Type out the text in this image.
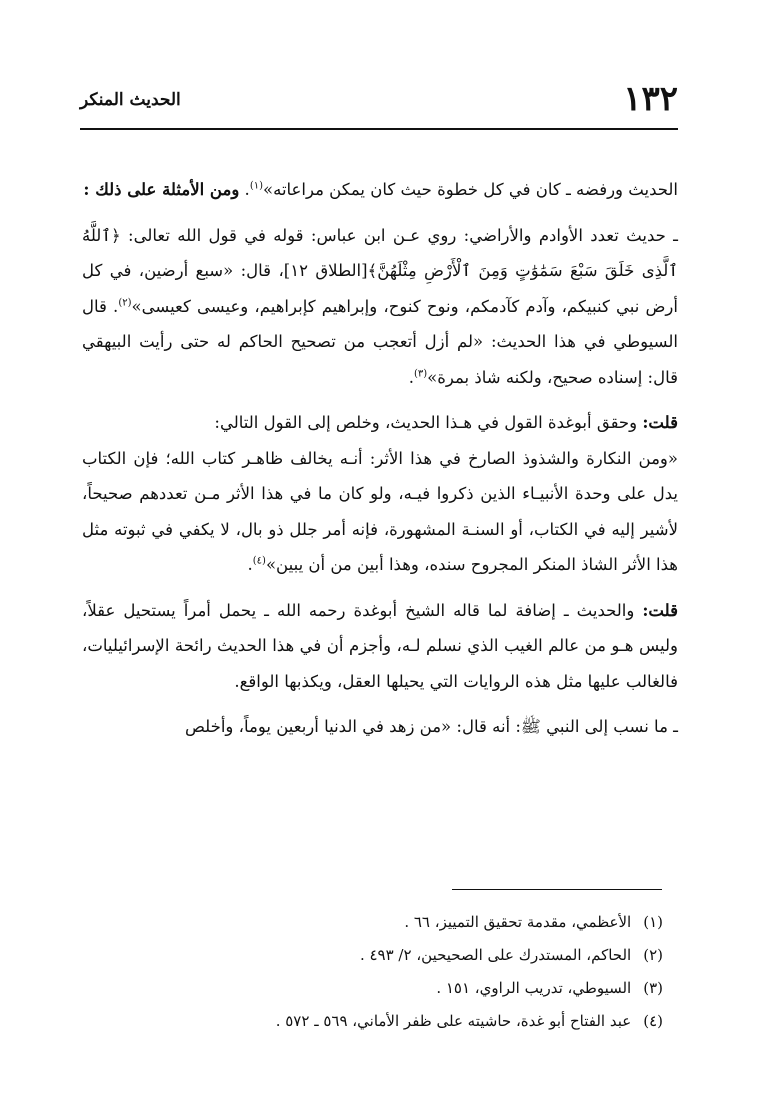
١٣٢
الحديث المنكر

الحديث ورفضه ـ كان في كل خطوة حيث كان يمكن مراعاته»$^{(١)}$. ومن الأمثلة على ذلك :

ـ حديث تعدد الأوادم والأراضي: روي عـن ابن عباس: قوله في قول الله تعالى: ﴿ٱللَّهُ ٱلَّذِى خَلَقَ سَبْعَ سَمَٰوَٰتٍ وَمِنَ ٱلْأَرْضِ مِثْلَهُنَّ﴾[الطلاق ١٢]، قال: «سبع أرضين، في كل أرض نبي كنبيكم، وآدم كآدمكم، ونوح كنوح، وإبراهيم كإبراهيم، وعيسى كعيسى»$^{(٢)}$. قال السيوطي في هذا الحديث: «لم أزل أتعجب من تصحيح الحاكم له حتى رأيت البيهقي قال: إسناده صحيح، ولكنه شاذ بمرة»$^{(٣)}$.

قلت: وحقق أبوغدة القول في هـذا الحديث، وخلص إلى القول التالي:
«ومن النكارة والشذوذ الصارخ في هذا الأثر: أنـه يخالف ظاهـر كتاب الله؛ فإن الكتاب يدل على وحدة الأنبيـاء الذين ذكروا فيـه، ولو كان ما في هذا الأثر مـن تعددهم صحيحاً، لأشير إليه في الكتاب، أو السنـة المشهورة، فإنه أمر جلل ذو بال، لا يكفي في ثبوته مثل هذا الأثر الشاذ المنكر المجروح سنده، وهذا أبين من أن يبين»$^{(٤)}$.

قلت: والحديث ـ إضافة لما قاله الشيخ أبوغدة رحمه الله ـ يحمل أمراً يستحيل عقلاً، وليس هـو من عالم الغيب الذي نسلم لـه، وأجزم أن في هذا الحديث رائحة الإسرائيليات، فالغالب عليها مثل هذه الروايات التي يحيلها العقل، ويكذبها الواقع.

ـ ما نسب إلى النبي ﷺ: أنه قال: «من زهد في الدنيا أربعين يوماً، وأخلص

(١)الأعظمي، مقدمة تحقيق التمييز، ٦٦ .
(٢)الحاكم، المستدرك على الصحيحين، ٢/ ٤٩٣ .
(٣)السيوطي، تدريب الراوي، ١٥١ .
(٤)عبد الفتاح أبو غدة، حاشيته على ظفر الأماني، ٥٦٩ ـ ٥٧٢ .
